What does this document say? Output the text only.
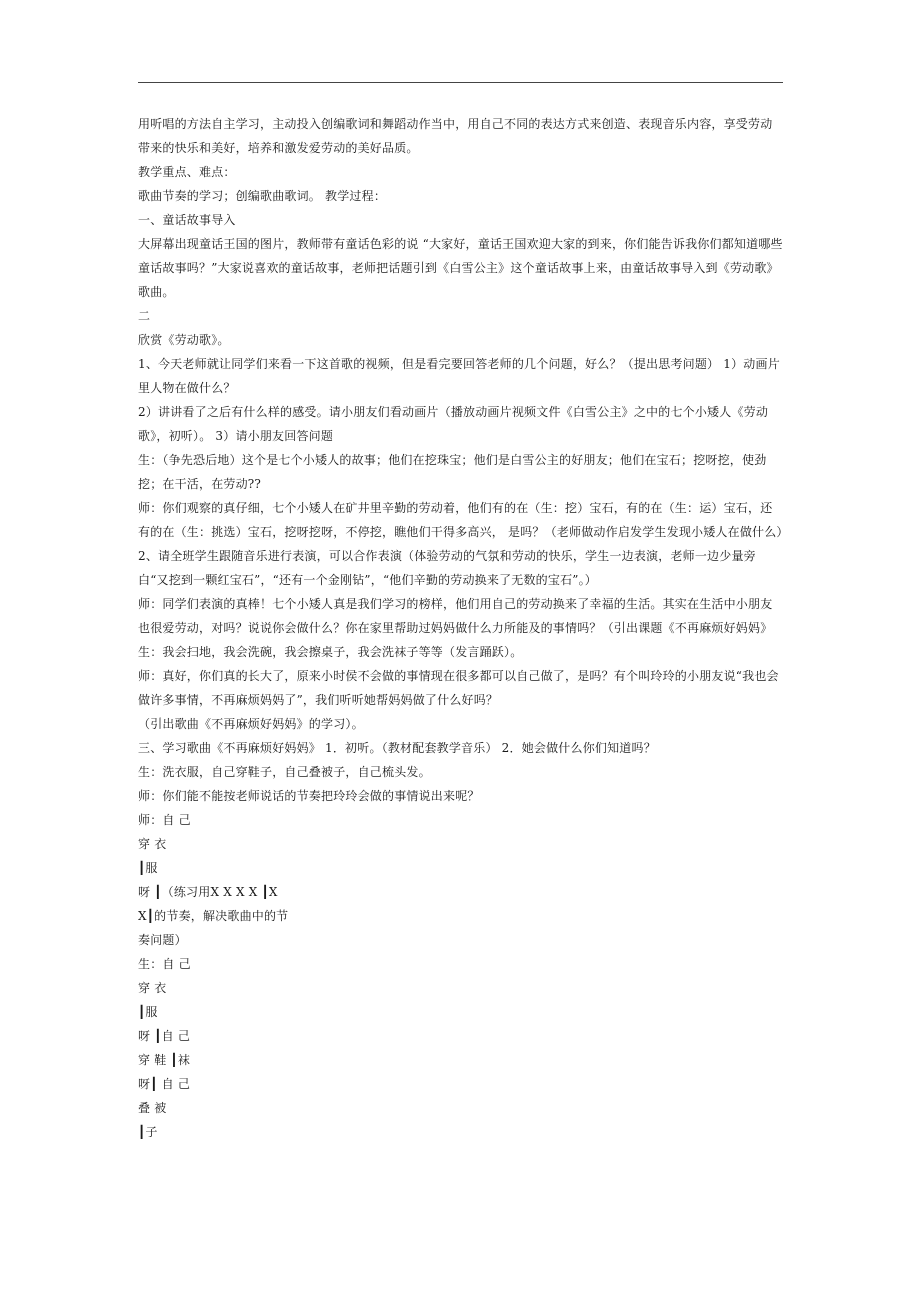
用听唱的方法自主学习，主动投入创编歌词和舞蹈动作当中，用自己不同的表达方式来创造、表现音乐内容，享受劳动带来的快乐和美好，培养和激发爱劳动的美好品质。

教学重点、难点：

歌曲节奏的学习；创编歌曲歌词。 教学过程：

一、童话故事导入

大屏幕出现童话王国的图片，教师带有童话色彩的说 “大家好，童话王国欢迎大家的到来，你们能告诉我你们都知道哪些童话故事吗？”大家说喜欢的童话故事，老师把话题引到《白雪公主》这个童话故事上来，由童话故事导入到《劳动歌》歌曲。

二

欣赏《劳动歌》。

1、今天老师就让同学们来看一下这首歌的视频，但是看完要回答老师的几个问题，好么？（提出思考问题） 1）动画片里人物在做什么？

2）讲讲看了之后有什么样的感受。请小朋友们看动画片（播放动画片视频文件《白雪公主》之中的七个小矮人《劳动歌》，初听）。 3）请小朋友回答问题

生：（争先恐后地）这个是七个小矮人的故事；他们在挖珠宝；他们是白雪公主的好朋友；他们在宝石；挖呀挖，使劲挖；在干活，在劳动??

师：你们观察的真仔细，七个小矮人在矿井里辛勤的劳动着，他们有的在（生：挖）宝石，有的在（生：运）宝石，还有的在（生：挑选）宝石，挖呀挖呀，不停挖，瞧他们干得多高兴， 是吗？（老师做动作启发学生发现小矮人在做什么）

2、请全班学生跟随音乐进行表演，可以合作表演（体验劳动的气氛和劳动的快乐，学生一边表演，老师一边少量旁白“又挖到一颗红宝石”，“还有一个金刚钻”，“他们辛勤的劳动换来了无数的宝石”。）

师：同学们表演的真棒！七个小矮人真是我们学习的榜样，他们用自己的劳动换来了幸福的生活。其实在生活中小朋友也很爱劳动，对吗？说说你会做什么？你在家里帮助过妈妈做什么力所能及的事情吗？（引出课题《不再麻烦好妈妈》生：我会扫地，我会洗碗，我会擦桌子，我会洗袜子等等（发言踊跃）。

师：真好，你们真的长大了，原来小时侯不会做的事情现在很多都可以自己做了，是吗？有个叫玲玲的小朋友说“我也会做许多事情，不再麻烦妈妈了”，我们听听她帮妈妈做了什么好吗？

（引出歌曲《不再麻烦好妈妈》的学习）。

三、学习歌曲《不再麻烦好妈妈》 1．初听。（教材配套教学音乐） 2．她会做什么你们知道吗？

生：洗衣服，自己穿鞋子，自己叠被子，自己梳头发。

师：你们能不能按老师说话的节奏把玲玲会做的事情说出来呢？

师：自 己

穿 衣

┃服

呀 ┃（练习用X X X X ┃X

X┃的节奏，解决歌曲中的节

奏问题）

生：自 己

穿 衣

┃服

呀 ┃自 己

穿 鞋 ┃袜

呀┃ 自 己

叠 被

┃子
